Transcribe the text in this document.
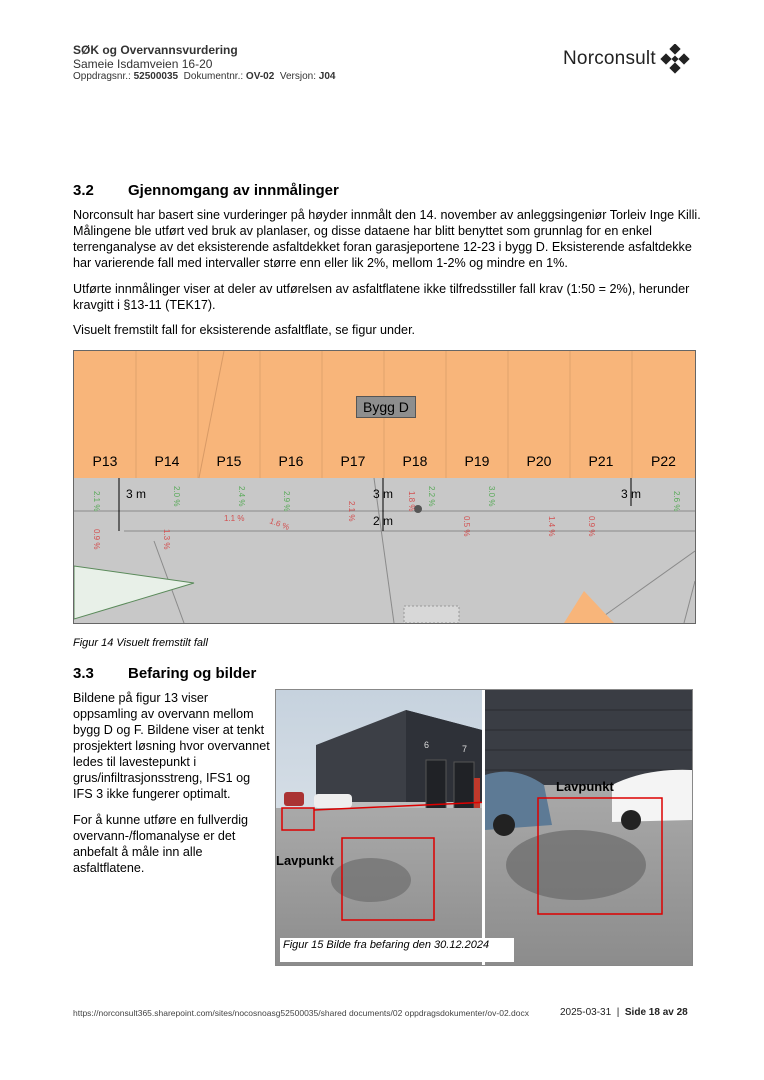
SØK og Overvannsvurdering
Sameie Isdamveien 16-20
Oppdragsnr.: 52500035 Dokumentnr.: OV-02 Versjon: J04
Norconsult
3.2 Gjennomgang av innmålinger
Norconsult har basert sine vurderinger på høyder innmålt den 14. november av anleggsingeniør Torleiv Inge Killi. Målingene ble utført ved bruk av planlaser, og disse dataene har blitt benyttet som grunnlag for en enkel terrenganalyse av det eksisterende asfaltdekket foran garasjeportene 12-23 i bygg D. Eksisterende asfaltdekke har varierende fall med intervaller større enn eller lik 2%, mellom 1-2% og mindre en 1%.
Utførte innmålinger viser at deler av utførelsen av asfaltflatene ikke tilfredsstiller fall krav (1:50 = 2%), herunder kravgitt i §13-11 (TEK17).
Visuelt fremstilt fall for eksisterende asfaltflate, se figur under.
0.9 %	1.3 %
1.1 %	1.6 %
2.1 %	1.8 %
0.5 %	1.4 %	0.9 %
2.1 %	2.0 %	2.4 %	2.9 %	2.2 %	3.0 %	2.6 %
Bygg D
P13	P14	P15	P16	P17	P18	P19	P20	P21	P22
3 m	3 m
2 m
3 m
Figur 14 Visuelt fremstilt fall
3.3 Befaring og bilder
Bildene på figur 13 viser oppsamling av overvann mellom bygg D og F. Bildene viser at tenkt prosjektert løsning hvor overvannet ledes til lavestepunkt i grus/infiltrasjonsstreng, IFS1 og IFS 3 ikke fungerer optimalt.
For å kunne utføre en fullverdig overvann-/flomanalyse er det anbefalt å måle inn alle asfaltflatene.	Lavpunkt
Lavpunkt
6	7
Figur 15 Bilde fra befaring den 30.12.2024
https://norconsult365.sharepoint.com/sites/nocosnoasg52500035/shared documents/02 oppdragsdokumenter/ov-02.docx	2025-03-31 | Side 18 av 28
